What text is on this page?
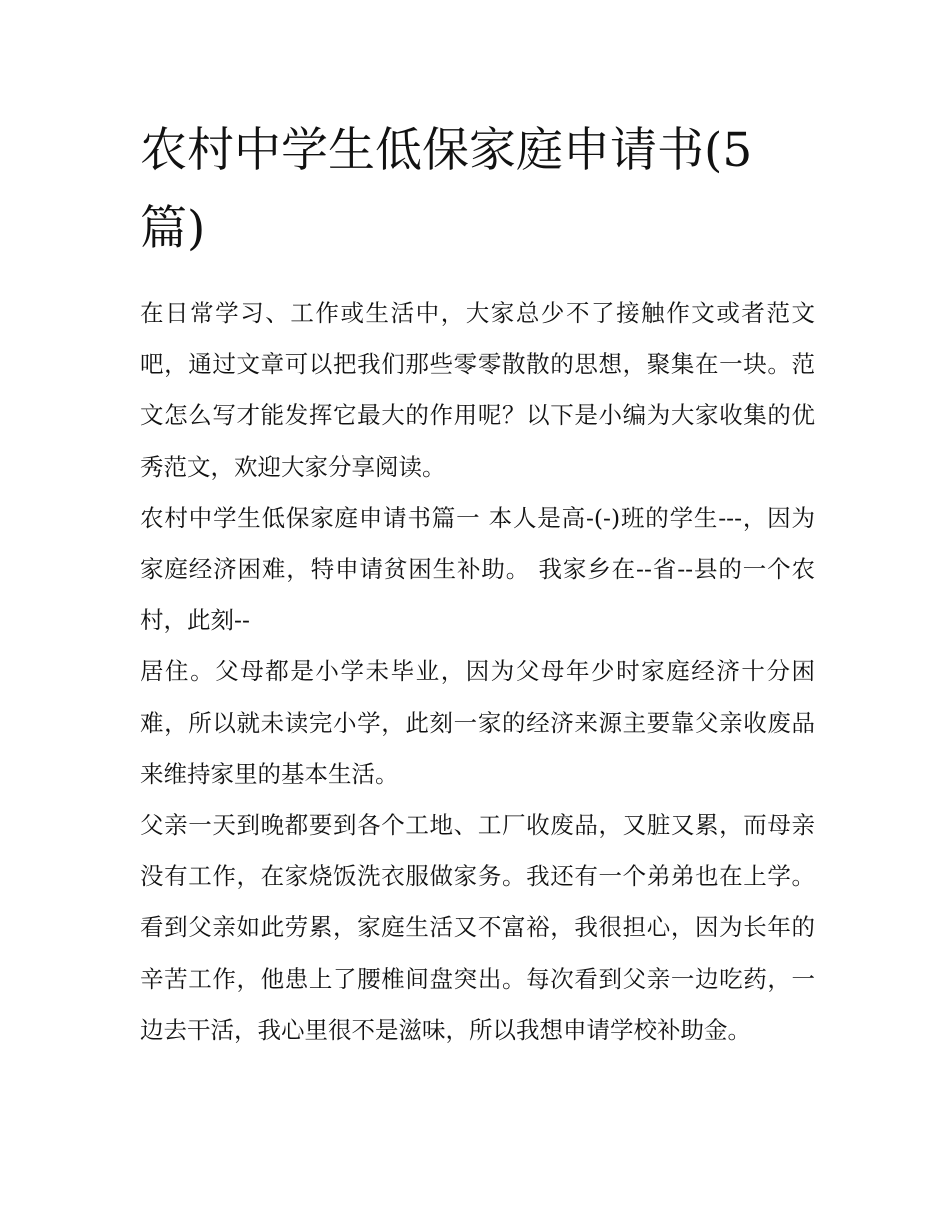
农村中学生低保家庭申请书(5篇)

在日常学习、工作或生活中，大家总少不了接触作文或者范文吧，通过文章可以把我们那些零零散散的思想，聚集在一块。范文怎么写才能发挥它最大的作用呢？以下是小编为大家收集的优秀范文，欢迎大家分享阅读。

农村中学生低保家庭申请书篇一 本人是高-(-)班的学生---，因为家庭经济困难，特申请贫困生补助。 我家乡在--省--县的一个农村，此刻--

居住。父母都是小学未毕业，因为父母年少时家庭经济十分困难，所以就未读完小学，此刻一家的经济来源主要靠父亲收废品来维持家里的基本生活。

父亲一天到晚都要到各个工地、工厂收废品，又脏又累，而母亲没有工作，在家烧饭洗衣服做家务。我还有一个弟弟也在上学。看到父亲如此劳累，家庭生活又不富裕，我很担心，因为长年的辛苦工作，他患上了腰椎间盘突出。每次看到父亲一边吃药，一边去干活，我心里很不是滋味，所以我想申请学校补助金。
